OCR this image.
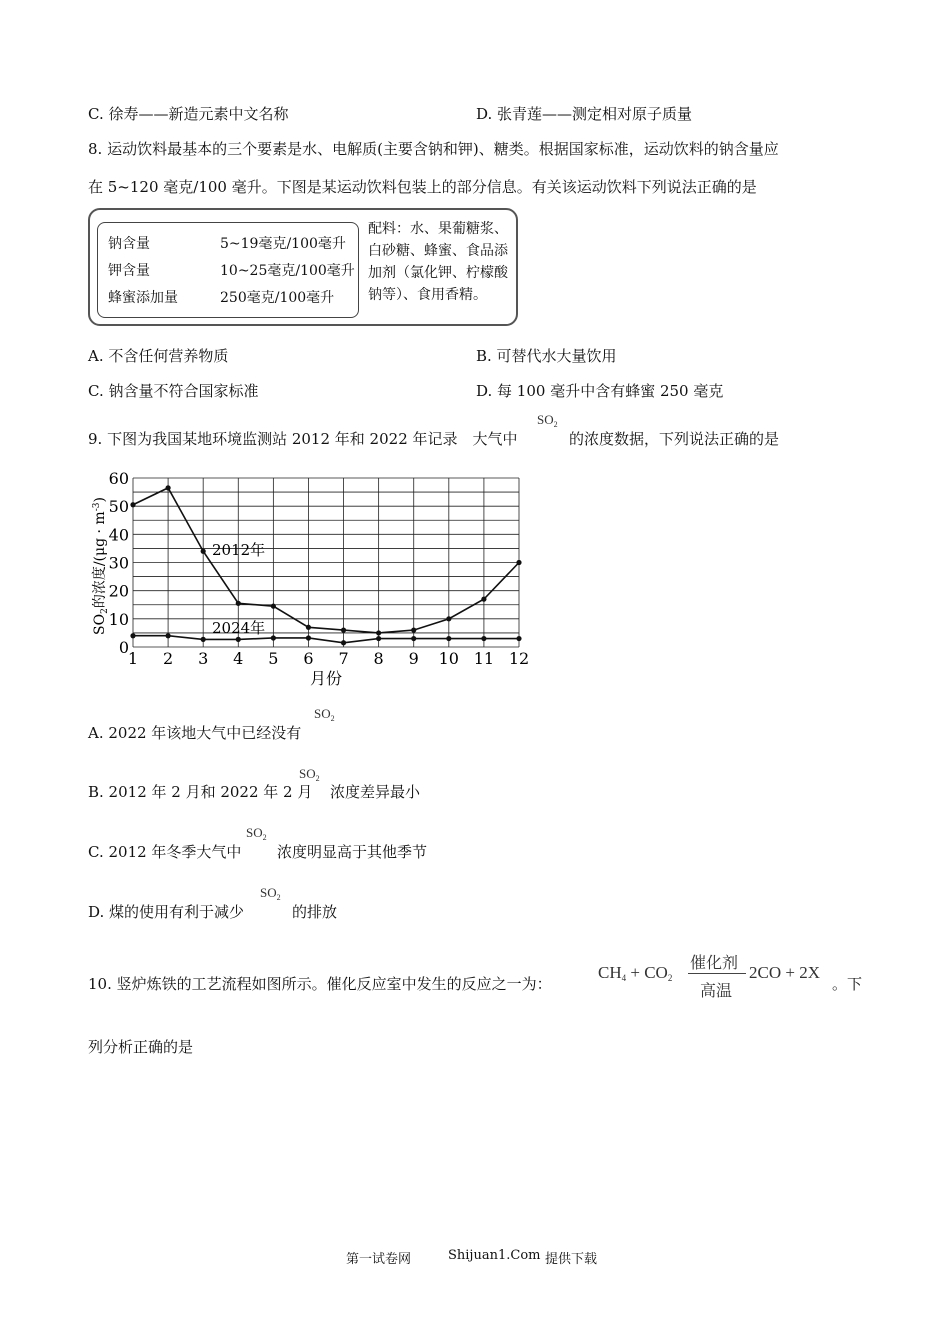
C. 徐寿——新造元素中文名称	D. 张青莲——测定相对原子质量
8. 运动饮料最基本的三个要素是水、电解质(主要含钠和钾)、糖类。根据国家标准，运动饮料的钠含量应
在 5~120 毫克/100 毫升。下图是某运动饮料包装上的部分信息。有关该运动饮料下列说法正确的是
钠含量	5~19毫克/100毫升
钾含量	10~25毫克/100毫升
蜂蜜添加量	250毫克/100毫升
配料：水、果葡糖浆、白砂糖、蜂蜜、食品添加剂（氯化钾、柠檬酸钠等）、食用香精。
A. 不含任何营养物质	B. 可替代水大量饮用
C. 钠含量不符合国家标准	D. 每 100 毫升中含有蜂蜜 250 毫克
9. 下图为我国某地环境监测站 2012 年和 2022 年记录　大气中
$SO_2$
的浓度数据，下列说法正确的是
0
10
20
30
40
50
60
1 2 3 4 5 6 7 8 9 10 11 12
月份
$SO_2$的浓度$/(\mu g \cdot m^{-3})$
2012年
2024年
A. 2022 年该地大气中已经没有
$SO_2$
B. 2012 年 2 月和 2022 年 2 月
$SO_2$
浓度差异最小
C. 2012 年冬季大气中
$SO_2$
浓度明显高于其他季节
D. 煤的使用有利于减少
$SO_2$
的排放
10. 竖炉炼铁的工艺流程如图所示。催化反应室中发生的反应之一为：
$CH_4 + CO_2$
催化剂
高温
2CO + 2X
。下
列分析正确的是
第一试卷网	Shijuan1.Com 提供下载
